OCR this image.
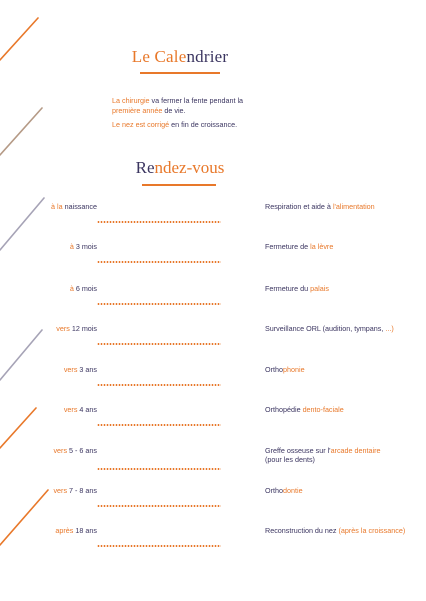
Le Calendrier
La chirurgie va fermer la fente pendant la
première année de vie.
Le nez est corrigé en fin de croissance.
Rendez-vous
à la naissance	Respiration et aide à l'alimentation
à 3 mois	Fermeture de la lèvre
à 6 mois	Fermeture du palais
vers 12 mois	Surveillance ORL (audition, tympans, ...)
vers 3 ans	Orthophonie
vers 4 ans	Orthopédie dento-faciale
vers 5 - 6 ans	Greffe osseuse sur l'arcade dentaire
(pour les dents)
vers 7 - 8 ans	Orthodontie
après 18 ans	Reconstruction du nez (après la croissance)
